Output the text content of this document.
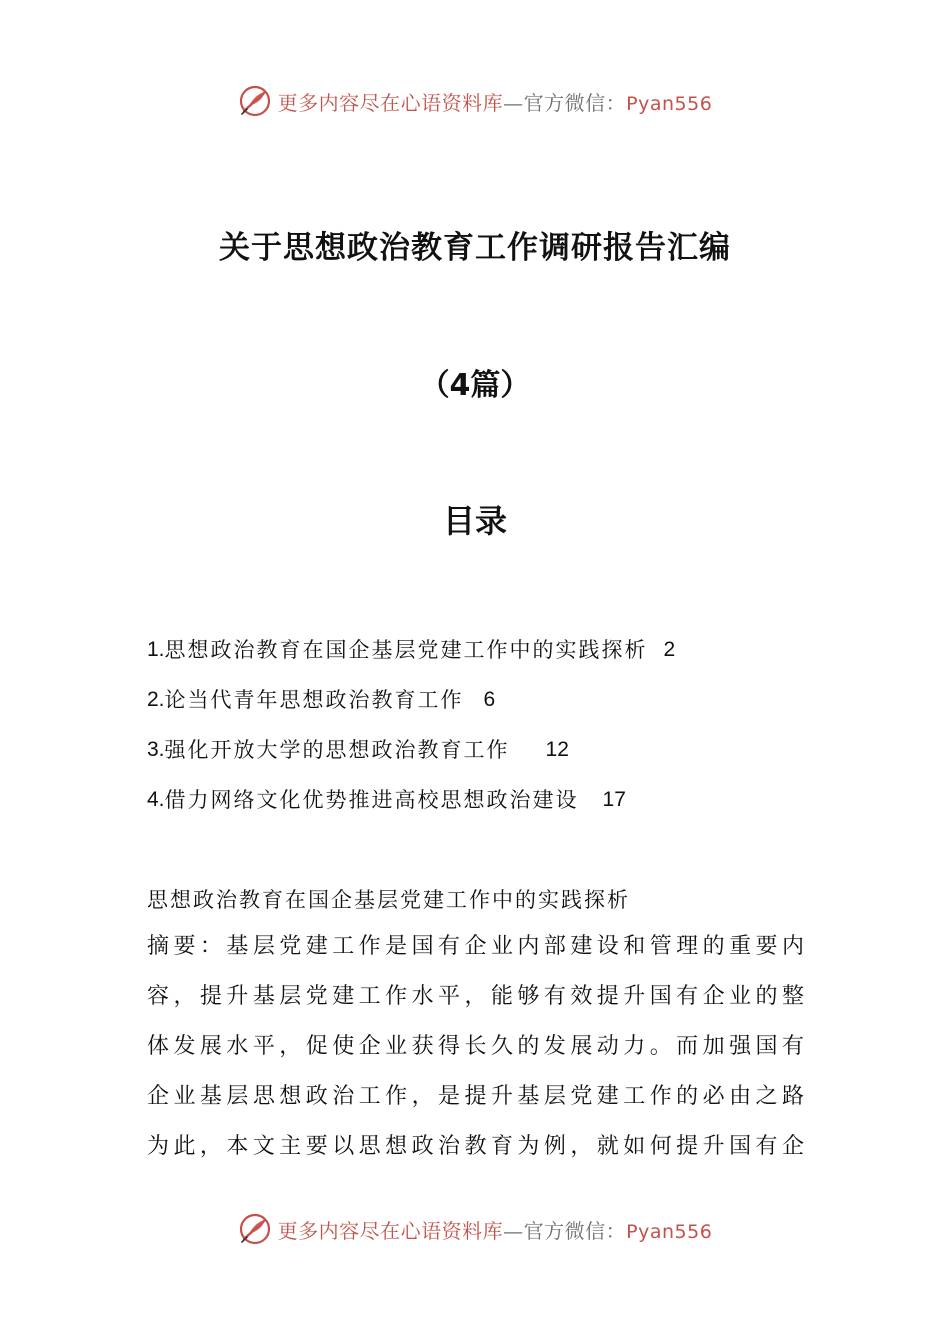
更多内容尽在心语资料库—官方微信：Pyan556
关于思想政治教育工作调研报告汇编
（4篇）
目录
1. 思想政治教育在国企基层党建工作中的实践探析 2
2. 论当代青年思想政治教育工作 6
3. 强化开放大学的思想政治教育工作 12
4. 借力网络文化优势推进高校思想政治建设 17
思想政治教育在国企基层党建工作中的实践探析
摘要：基层党建工作是国有企业内部建设和管理的重要内
容，提升基层党建工作水平，能够有效提升国有企业的整
体发展水平，促使企业获得长久的发展动力。而加强国有
企业基层思想政治工作，是提升基层党建工作的必由之路
为此，本文主要以思想政治教育为例，就如何提升国有企
更多内容尽在心语资料库—官方微信：Pyan556
